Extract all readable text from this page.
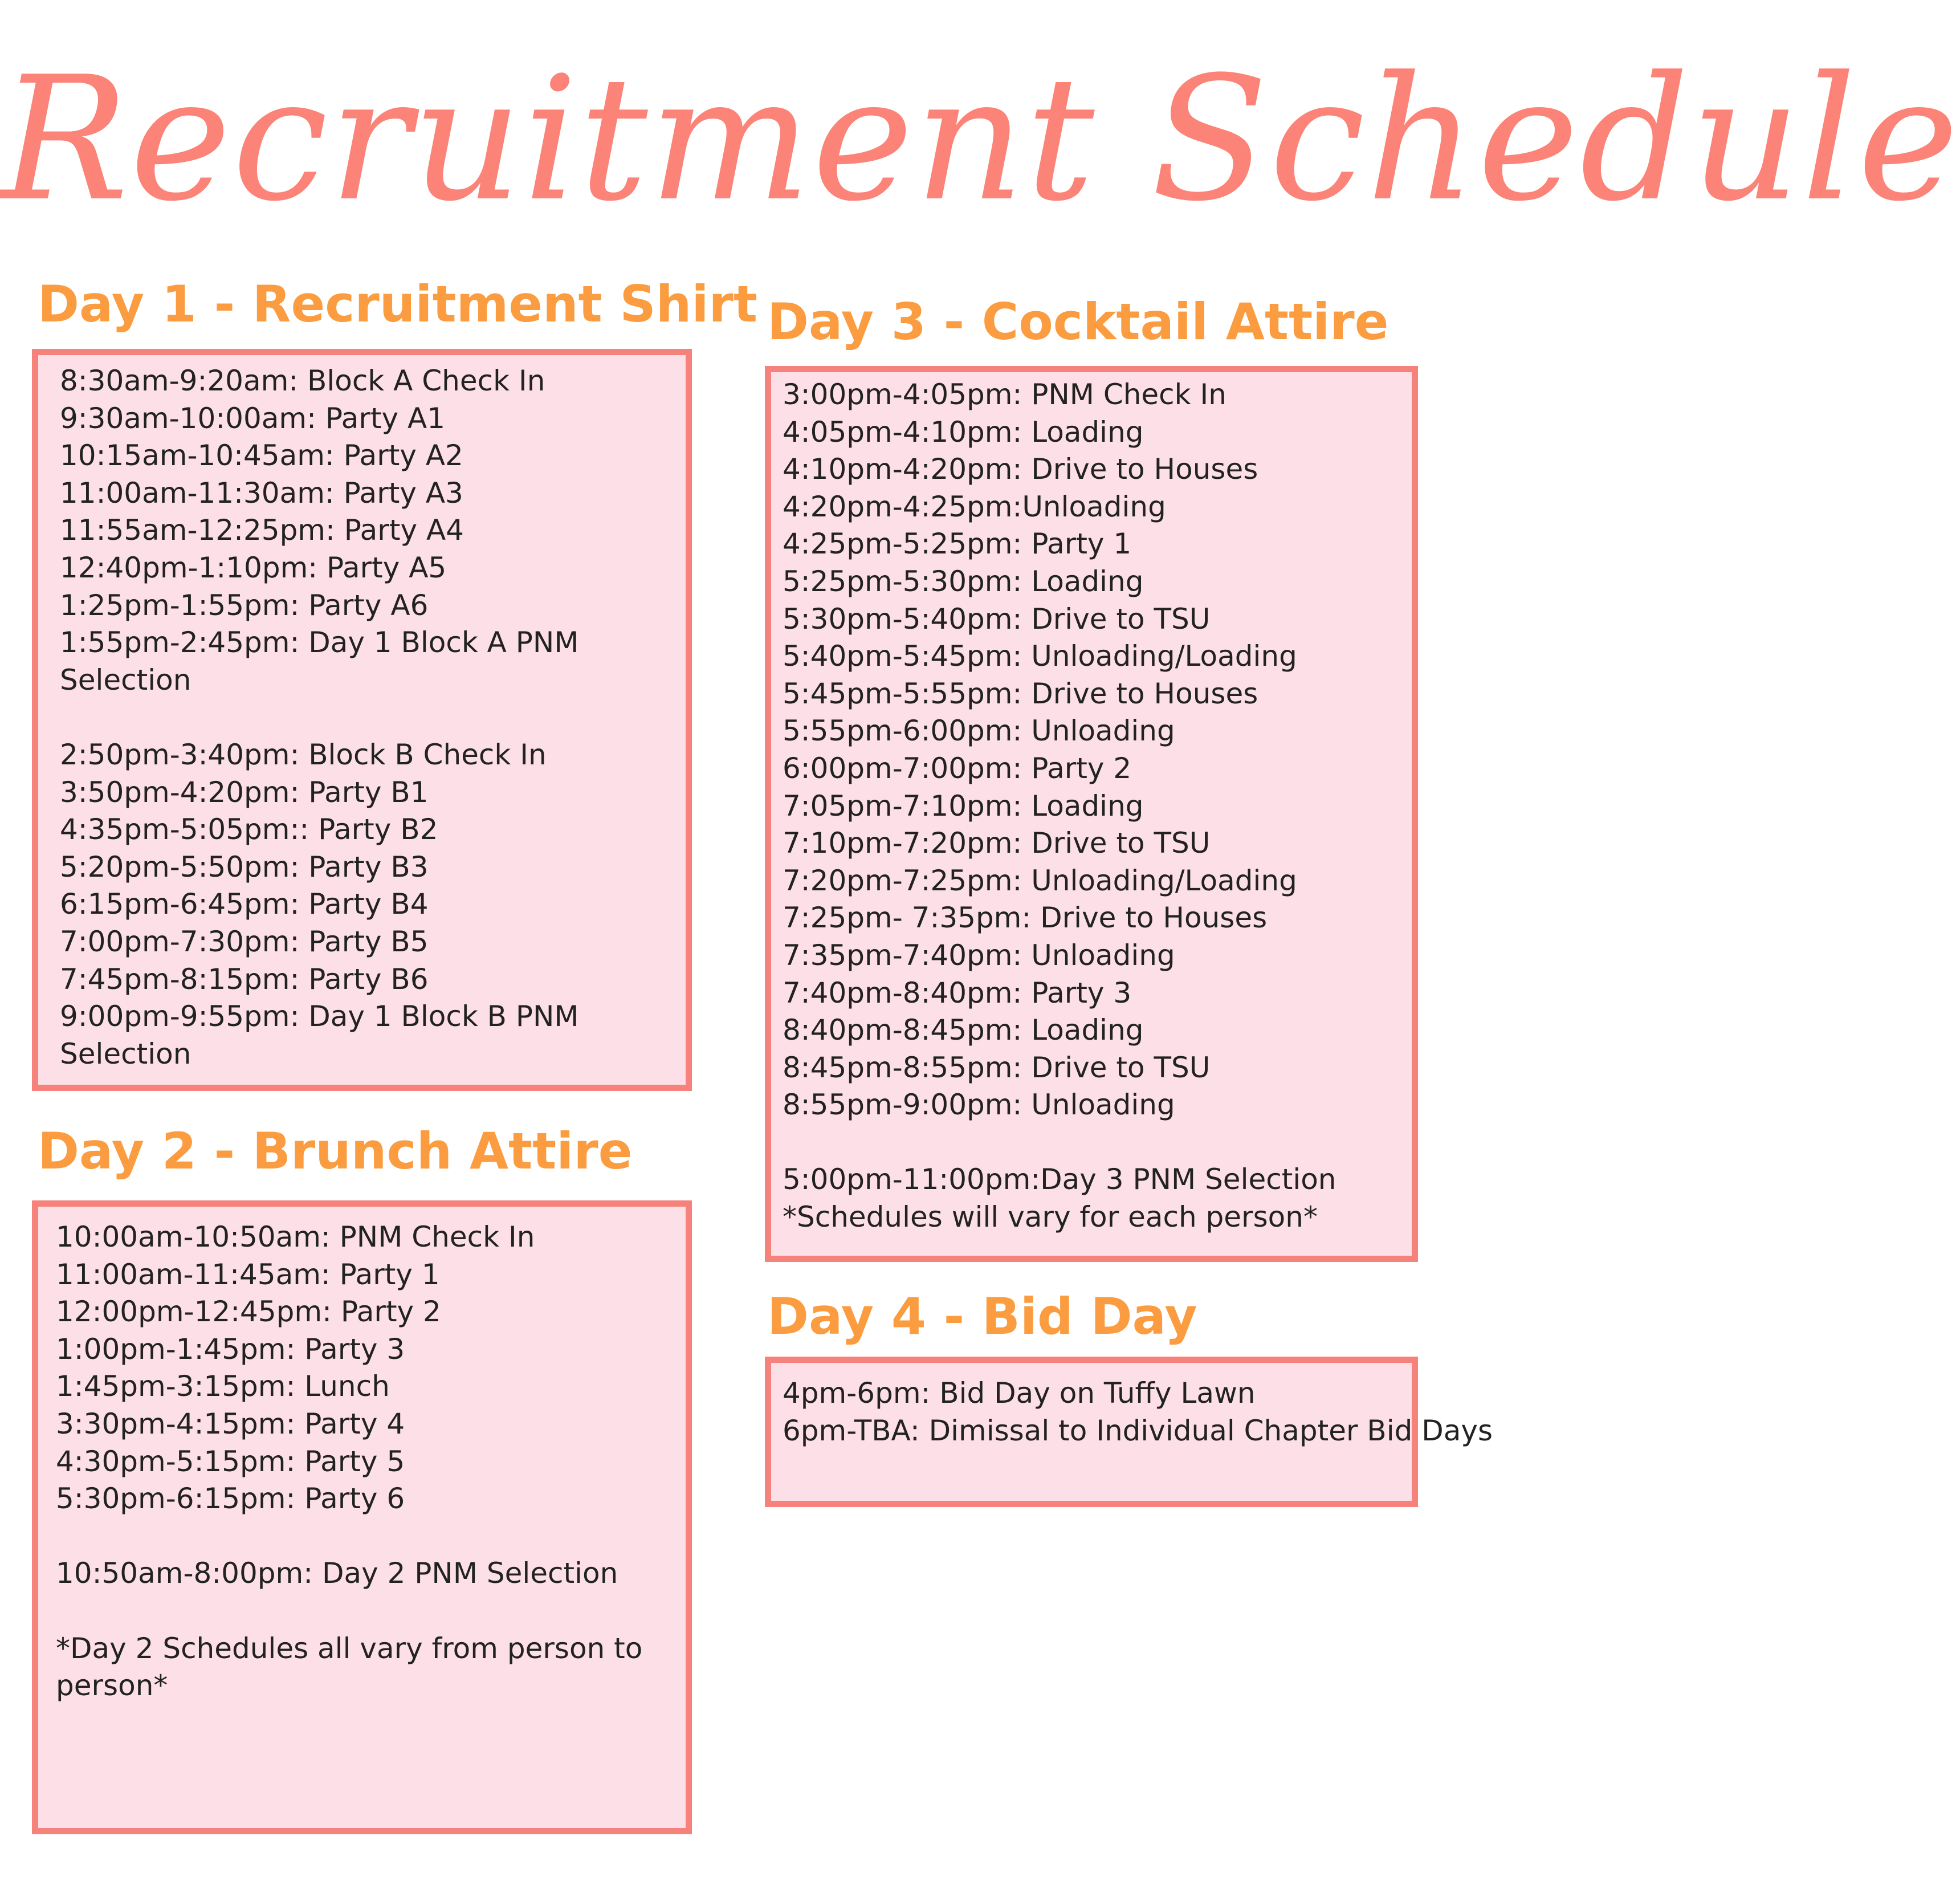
Recruitment Schedule
Day 1 - Recruitment Shirt
8:30am-9:20am: Block A Check In
9:30am-10:00am: Party A1
10:15am-10:45am: Party A2
11:00am-11:30am: Party A3
11:55am-12:25pm: Party A4
12:40pm-1:10pm: Party A5
1:25pm-1:55pm: Party A6
1:55pm-2:45pm: Day 1 Block A PNM
Selection
2:50pm-3:40pm: Block B Check In
3:50pm-4:20pm: Party B1
4:35pm-5:05pm:: Party B2
5:20pm-5:50pm: Party B3
6:15pm-6:45pm: Party B4
7:00pm-7:30pm: Party B5
7:45pm-8:15pm: Party B6
9:00pm-9:55pm: Day 1 Block B PNM
Selection
Day 2 - Brunch Attire
10:00am-10:50am: PNM Check In
11:00am-11:45am: Party 1
12:00pm-12:45pm: Party 2
1:00pm-1:45pm: Party 3
1:45pm-3:15pm: Lunch
3:30pm-4:15pm: Party 4
4:30pm-5:15pm: Party 5
5:30pm-6:15pm: Party 6
10:50am-8:00pm: Day 2 PNM Selection
*Day 2 Schedules all vary from person to
person*
Day 3 - Cocktail Attire
3:00pm-4:05pm: PNM Check In
4:05pm-4:10pm: Loading
4:10pm-4:20pm: Drive to Houses
4:20pm-4:25pm:Unloading
4:25pm-5:25pm: Party 1
5:25pm-5:30pm: Loading
5:30pm-5:40pm: Drive to TSU
5:40pm-5:45pm: Unloading/Loading
5:45pm-5:55pm: Drive to Houses
5:55pm-6:00pm: Unloading
6:00pm-7:00pm: Party 2
7:05pm-7:10pm: Loading
7:10pm-7:20pm: Drive to TSU
7:20pm-7:25pm: Unloading/Loading
7:25pm- 7:35pm: Drive to Houses
7:35pm-7:40pm: Unloading
7:40pm-8:40pm: Party 3
8:40pm-8:45pm: Loading
8:45pm-8:55pm: Drive to TSU
8:55pm-9:00pm: Unloading
5:00pm-11:00pm:Day 3 PNM Selection
*Schedules will vary for each person*
Day 4 - Bid Day
4pm-6pm: Bid Day on Tuffy Lawn
6pm-TBA: Dimissal to Individual Chapter Bid Days
